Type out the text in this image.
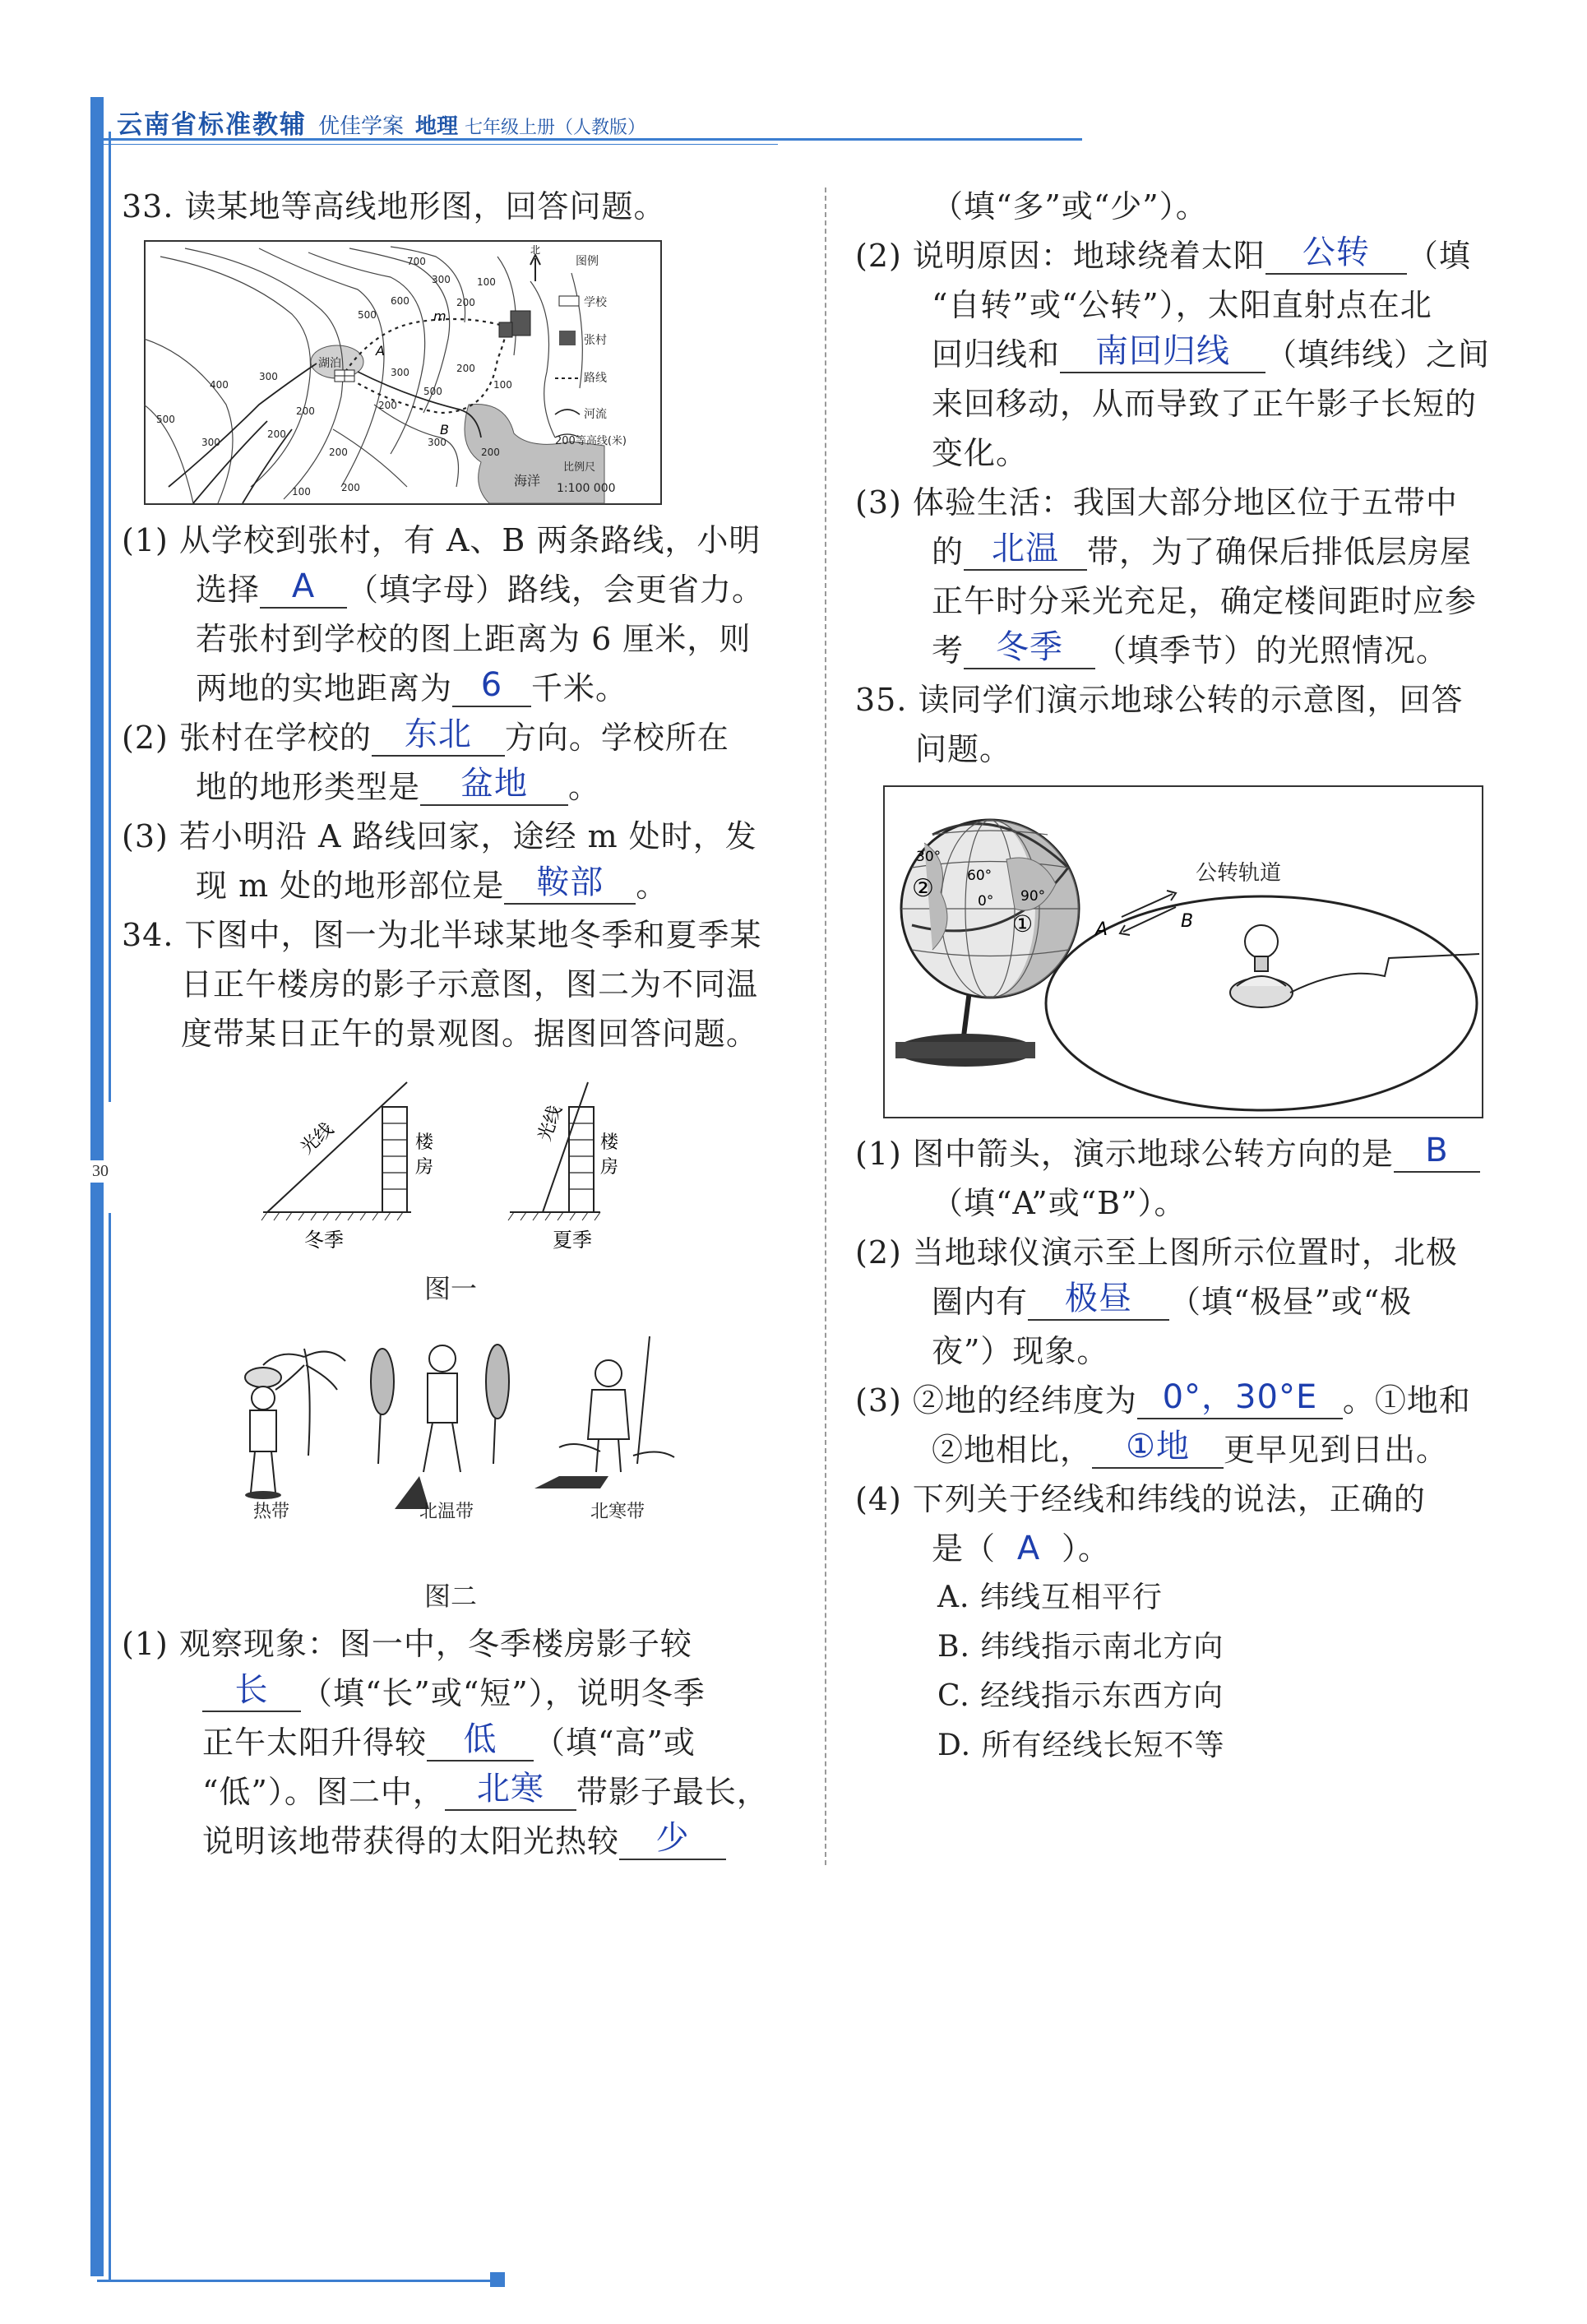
云南省标准教辅 优佳学案 地理 七年级上册（人教版）
30
33. 读某地等高线地形图，回答问题。
海洋
湖泊
A
B
m
400
300
300
500
200
200
200
200
300
500
600
300
700
200
100
100
200
200
300
500
100	200
北
图例
学校
张村
路线
河流
200等高线(米)
比例尺
1:100 000
(1) 从学校到张村，有 A、B 两条路线，小明
选择 A	（填字母）路线，会更省力。
若张村到学校的图上距离为 6 厘米，则
两地的实地距离为 6 千米。
(2) 张村在学校的	东北	方向。学校所在
地的地形类型是	盆地	。
(3) 若小明沿 A 路线回家，途经 m 处时，发
现 m 处的地形部位是 鞍部	。
34. 下图中，图一为北半球某地冬季和夏季某
日正午楼房的影子示意图，图二为不同温
度带某日正午的景观图。据图回答问题。
光线	楼
房
冬季
光线 楼
房
夏季
图一
热带	北温带	北寒带
图二
(1) 观察现象：图一中，冬季楼房影子较
长	（填“长”或“短”），说明冬季
正午太阳升得较	低	（填“高”或
“低”）。图二中， 北寒	带影子最长，
说明该地带获得的太阳光热较	少
（填“多”或“少”）。
(2) 说明原因：地球绕着太阳	公转	（填
“自转”或“公转”），太阳直射点在北
回归线和	南回归线	（填纬线）之间
来回移动，从而导致了正午影子长短的
变化。
(3) 体验生活：我国大部分地区位于五带中
的 北温 带，为了确保后排低层房屋
正午时分采光充足，确定楼间距时应参
考 冬季	（填季节）的光照情况。
35. 读同学们演示地球公转的示意图，回答
问题。
公转轨道
30°
② 60°
0° 90°
①	A	B
(1) 图中箭头，演示地球公转方向的是 B
（填“A”或“B”）。
(2) 当地球仪演示至上图所示位置时，北极
圈内有	极昼	（填“极昼”或“极
夜”）现象。
(3) ②地的经纬度为 0°，30°E 。①地和
②地相比，	①地	更早见到日出。
(4) 下列关于经线和纬线的说法，正确的
是（ A ）。
A. 纬线互相平行
B. 纬线指示南北方向
C. 经线指示东西方向
D. 所有经线长短不等
